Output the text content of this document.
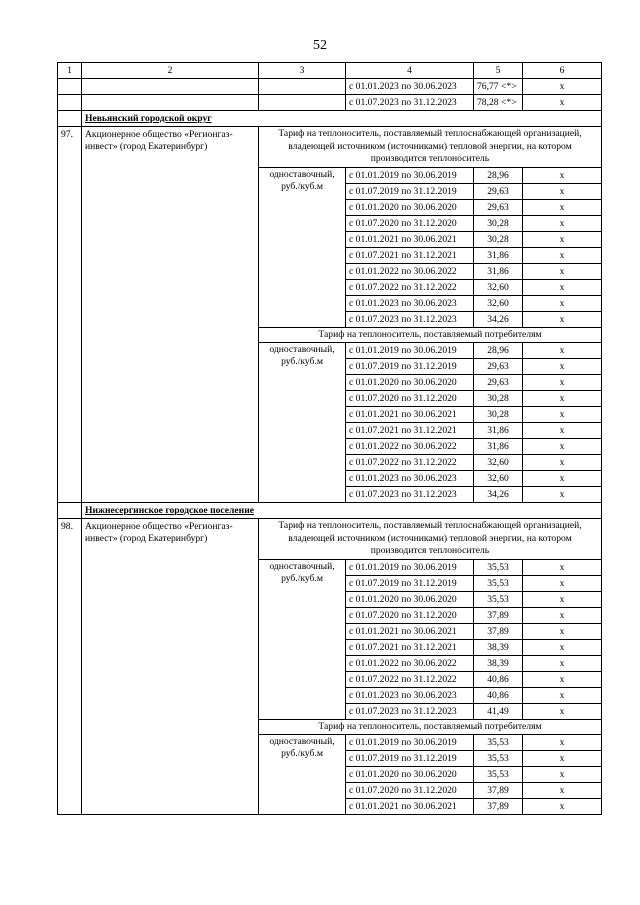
52
1	2	3	4	5	6
			с 01.01.2023 по 30.06.2023	76,77 <*>	x
			с 01.07.2023 по 31.12.2023	78,28 <*>	x
	Невьянский городской округ				
97.	Акционерное общество «Регионгаз-инвест» (город Екатеринбург)	Тариф на теплоноситель, поставляемый теплоснабжающей организацией, владеющей источником (источниками) тепловой энергии, на котором производится теплоноситель			
		одноставочный, руб./куб.м	с 01.01.2019 по 30.06.2019	28,96	x
			с 01.07.2019 по 31.12.2019	29,63	x
			с 01.01.2020 по 30.06.2020	29,63	x
			с 01.07.2020 по 31.12.2020	30,28	x
			с 01.01.2021 по 30.06.2021	30,28	x
			с 01.07.2021 по 31.12.2021	31,86	x
			с 01.01.2022 по 30.06.2022	31,86	x
			с 01.07.2022 по 31.12.2022	32,60	x
			с 01.01.2023 по 30.06.2023	32,60	x
			с 01.07.2023 по 31.12.2023	34,26	x
		Тариф на теплоноситель, поставляемый потребителям			
		одноставочный, руб./куб.м	с 01.01.2019 по 30.06.2019	28,96	x
			с 01.07.2019 по 31.12.2019	29,63	x
			с 01.01.2020 по 30.06.2020	29,63	x
			с 01.07.2020 по 31.12.2020	30,28	x
			с 01.01.2021 по 30.06.2021	30,28	x
			с 01.07.2021 по 31.12.2021	31,86	x
			с 01.01.2022 по 30.06.2022	31,86	x
			с 01.07.2022 по 31.12.2022	32,60	x
			с 01.01.2023 по 30.06.2023	32,60	x
			с 01.07.2023 по 31.12.2023	34,26	x
	Нижнесергинское городское поселение				
98.	Акционерное общество «Регионгаз-инвест» (город Екатеринбург)	Тариф на теплоноситель, поставляемый теплоснабжающей организацией, владеющей источником (источниками) тепловой энергии, на котором производится теплоноситель			
		одноставочный, руб./куб.м	с 01.01.2019 по 30.06.2019	35,53	x
			с 01.07.2019 по 31.12.2019	35,53	x
			с 01.01.2020 по 30.06.2020	35,53	x
			с 01.07.2020 по 31.12.2020	37,89	x
			с 01.01.2021 по 30.06.2021	37,89	x
			с 01.07.2021 по 31.12.2021	38,39	x
			с 01.01.2022 по 30.06.2022	38,39	x
			с 01.07.2022 по 31.12.2022	40,86	x
			с 01.01.2023 по 30.06.2023	40,86	x
			с 01.07.2023 по 31.12.2023	41,49	x
		Тариф на теплоноситель, поставляемый потребителям			
		одноставочный, руб./куб.м	с 01.01.2019 по 30.06.2019	35,53	x
			с 01.07.2019 по 31.12.2019	35,53	x
			с 01.01.2020 по 30.06.2020	35,53	x
			с 01.07.2020 по 31.12.2020	37,89	x
			с 01.01.2021 по 30.06.2021	37,89	x
